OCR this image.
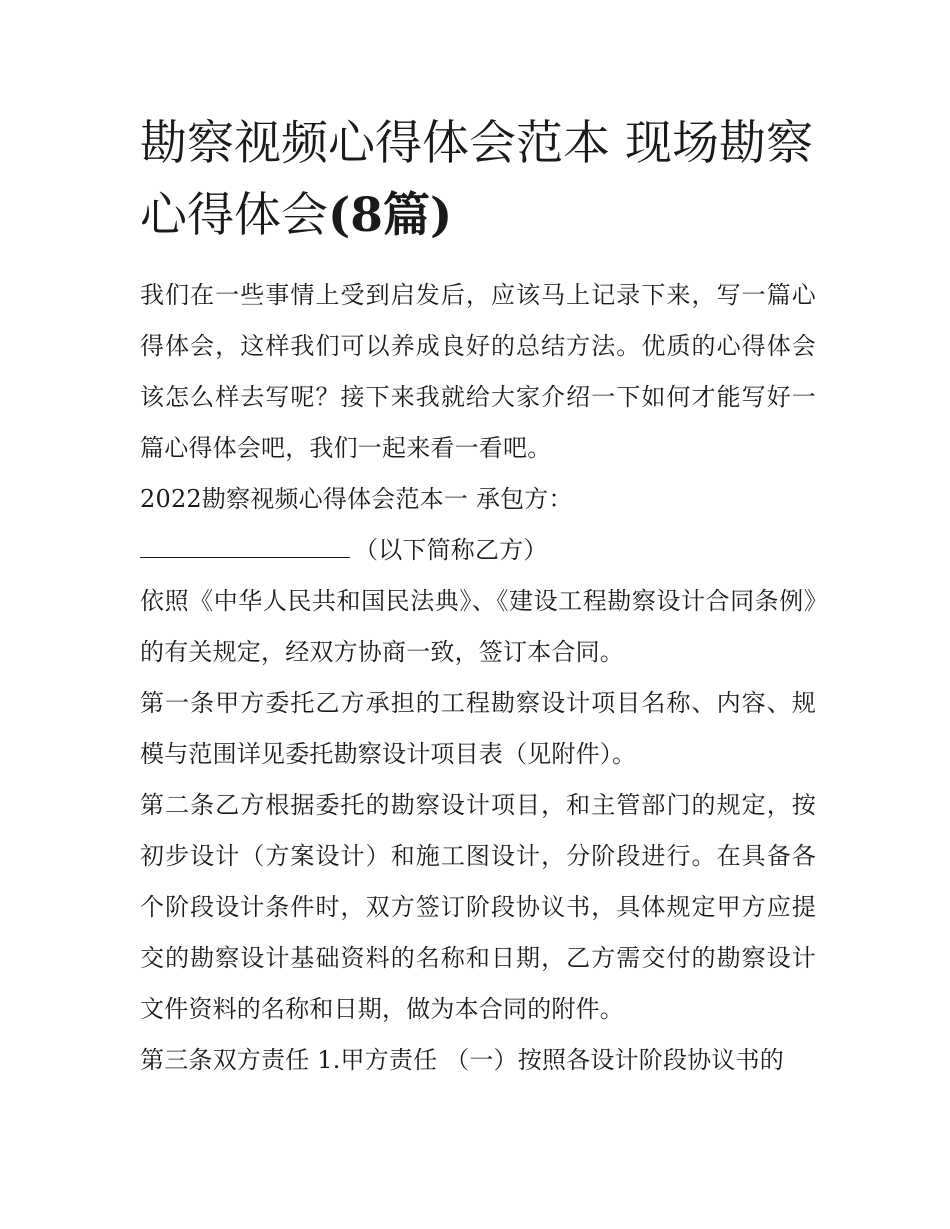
勘察视频心得体会范本 现场勘察心得体会(8篇)

我们在一些事情上受到启发后，应该马上记录下来，写一篇心得体会，这样我们可以养成良好的总结方法。优质的心得体会该怎么样去写呢？接下来我就给大家介绍一下如何才能写好一篇心得体会吧，我们一起来看一看吧。

2022勘察视频心得体会范本一 承包方：

（以下简称乙方）

依照《中华人民共和国民法典》、《建设工程勘察设计合同条例》的有关规定，经双方协商一致，签订本合同。

第一条甲方委托乙方承担的工程勘察设计项目名称、内容、规模与范围详见委托勘察设计项目表（见附件）。

第二条乙方根据委托的勘察设计项目，和主管部门的规定，按初步设计（方案设计）和施工图设计，分阶段进行。在具备各个阶段设计条件时，双方签订阶段协议书，具体规定甲方应提交的勘察设计基础资料的名称和日期，乙方需交付的勘察设计文件资料的名称和日期，做为本合同的附件。

第三条双方责任 1.甲方责任 （一）按照各设计阶段协议书的
